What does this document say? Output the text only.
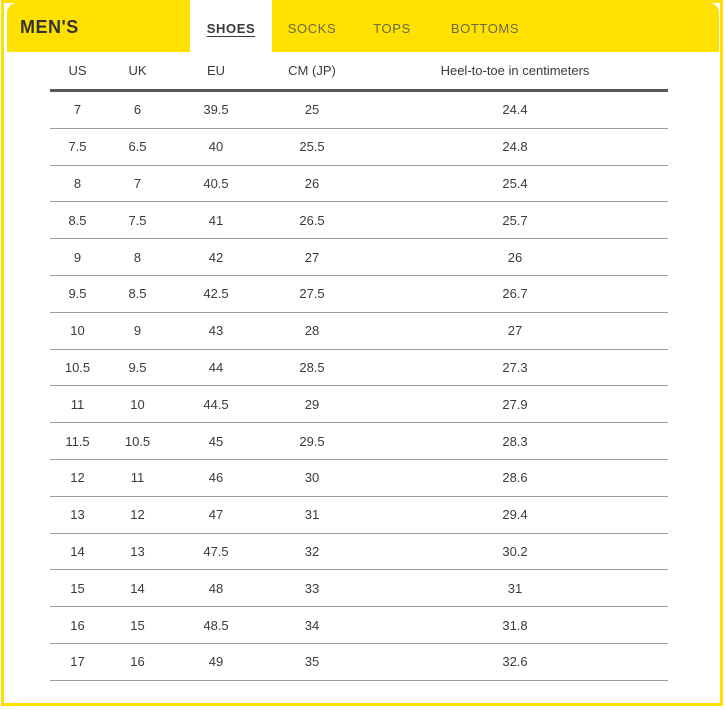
MEN'S	SHOES SOCKS	TOPS	BOTTOMS
US	UK	EU	CM (JP)	Heel-to-toe in centimeters
7	6	39.5	25	24.4
7.5	6.5	40	25.5	24.8
8	7	40.5	26	25.4
8.5	7.5	41	26.5	25.7
9	8	42	27	26
9.5	8.5	42.5	27.5	26.7
10	9	43	28	27
10.5	9.5	44	28.5	27.3
11	10	44.5	29	27.9
11.5	10.5	45	29.5	28.3
12	11	46	30	28.6
13	12	47	31	29.4
14	13	47.5	32	30.2
15	14	48	33	31
16	15	48.5	34	31.8
17	16	49	35	32.6
